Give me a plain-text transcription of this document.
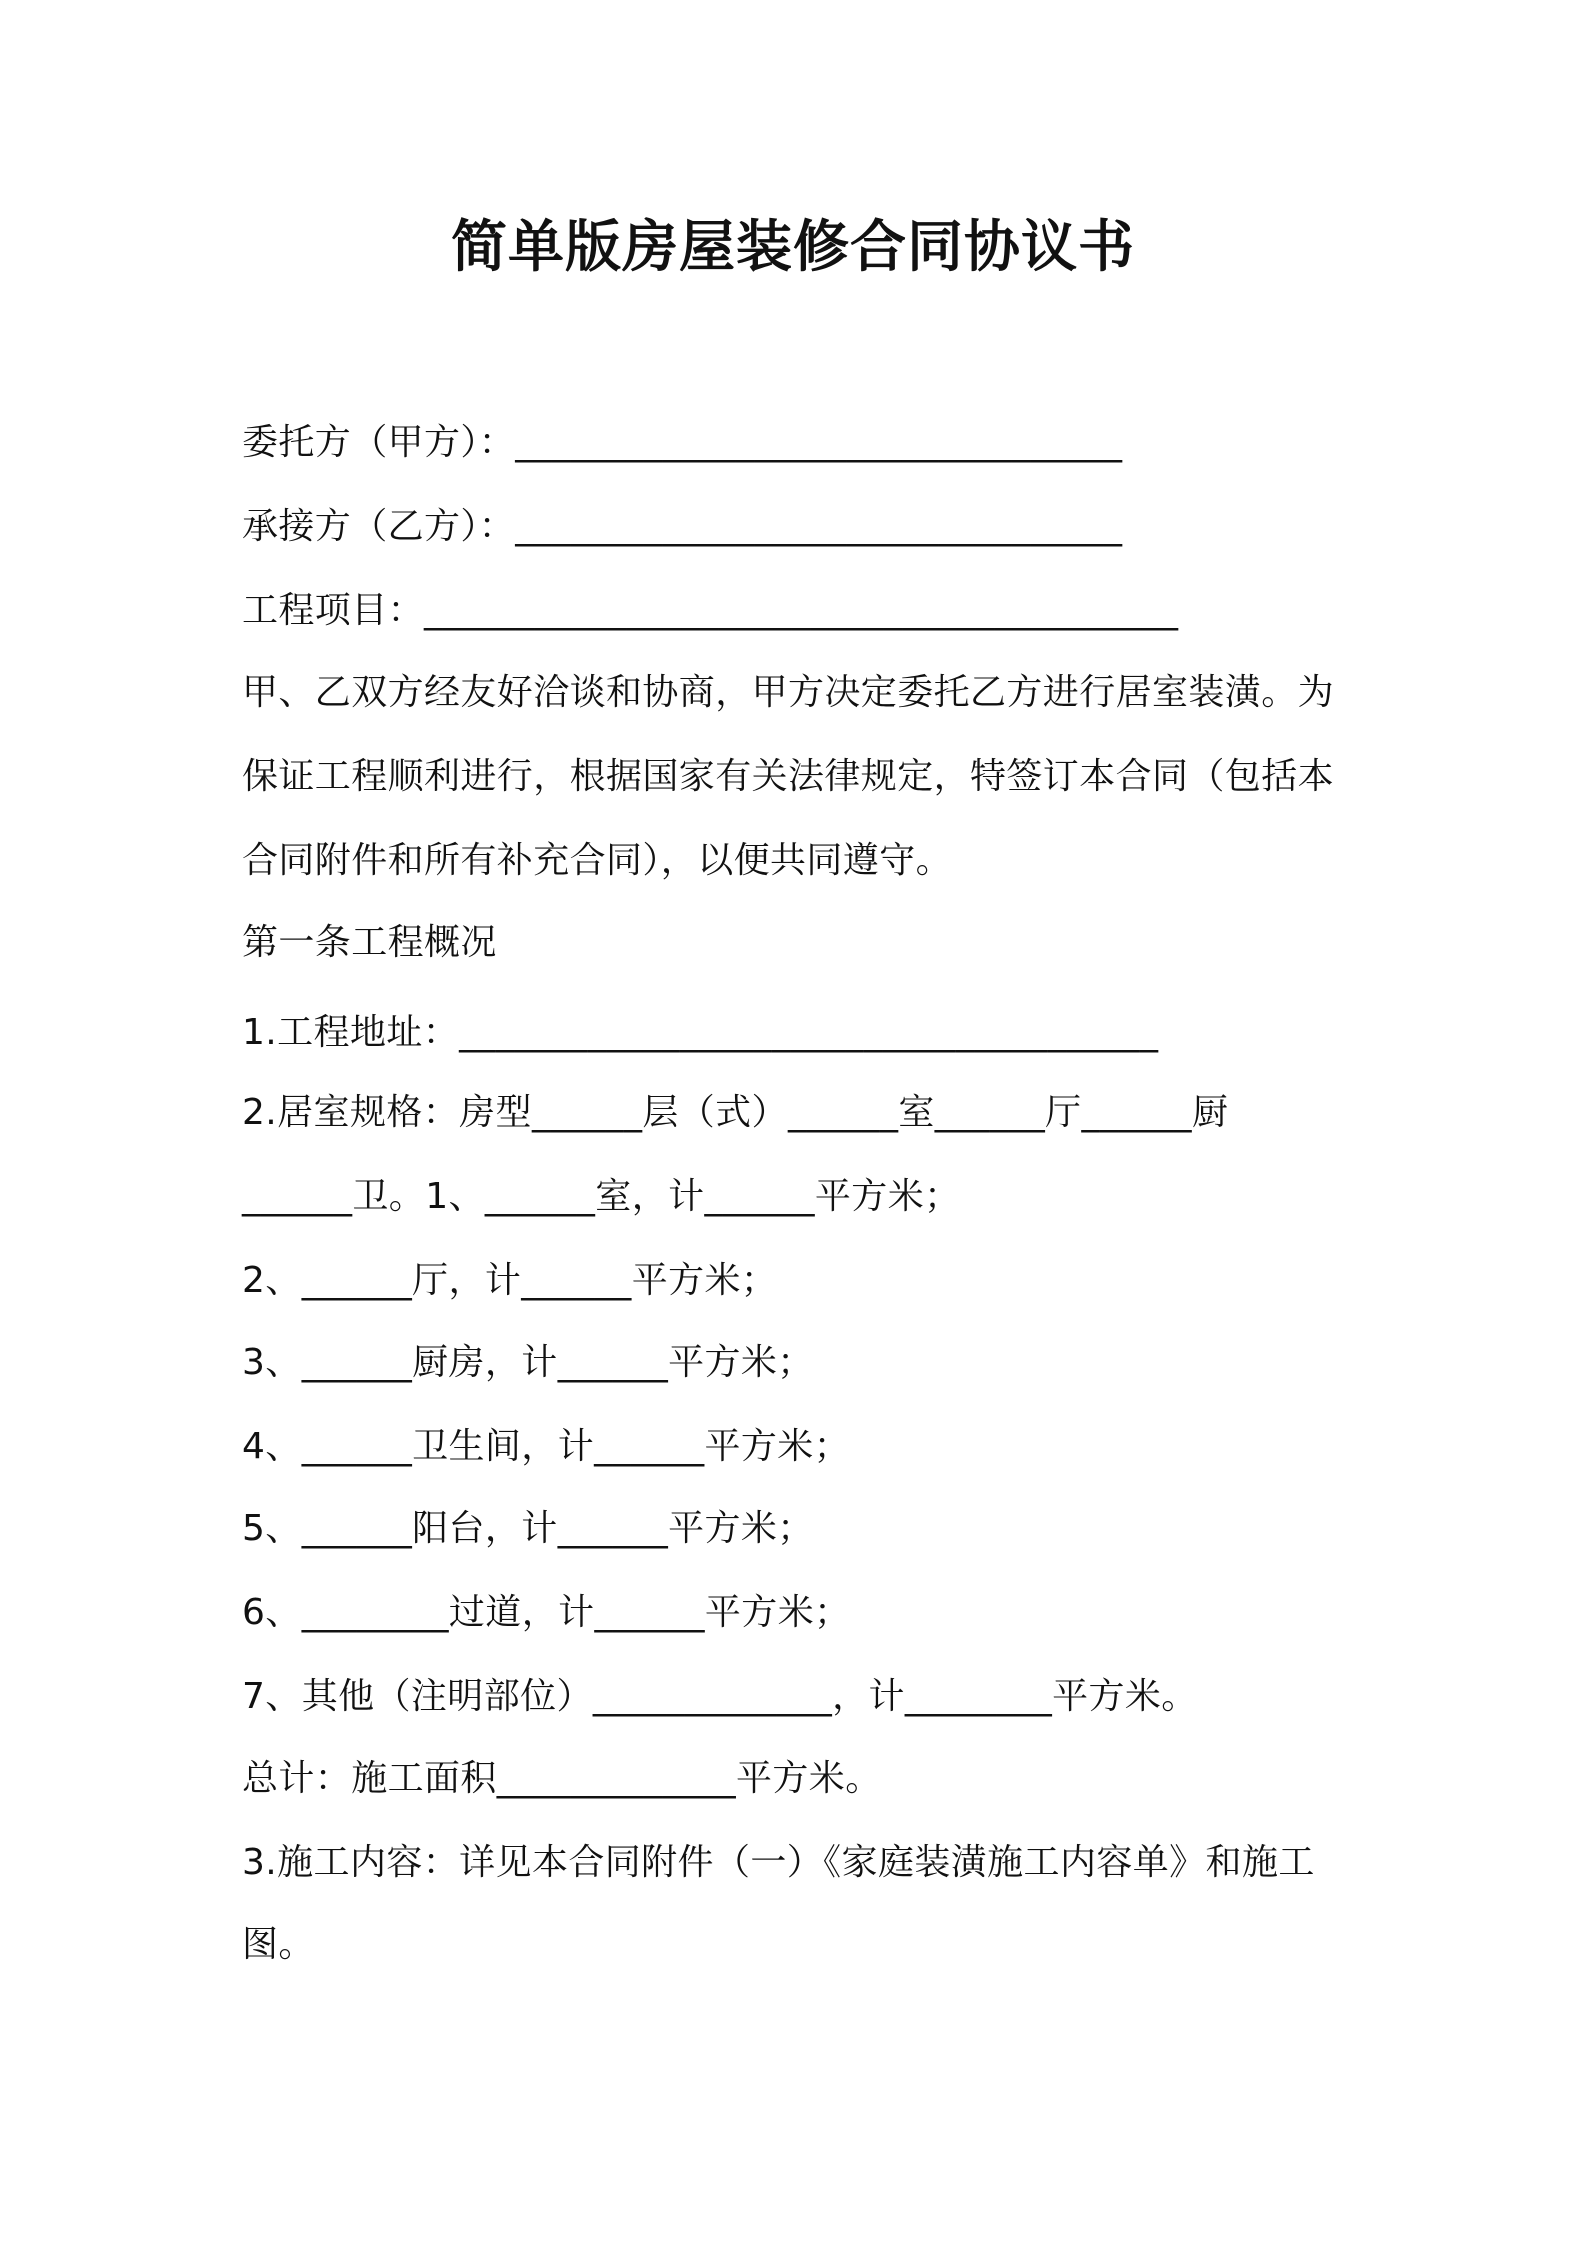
简单版房屋装修合同协议书
委托方（甲方）：_________________________________
承接方（乙方）：_________________________________
工程项目：_________________________________________
甲、乙双方经友好洽谈和协商，甲方决定委托乙方进行居室装潢。为
保证工程顺利进行，根据国家有关法律规定，特签订本合同（包括本
合同附件和所有补充合同），以便共同遵守。
第一条工程概况
1.工程地址：______________________________________
2.居室规格：房型______层（式）______室______厅______厨
______卫。1、______室，计______平方米；
2、______厅，计______平方米；
3、______厨房，计______平方米；
4、______卫生间，计______平方米；
5、______阳台，计______平方米；
6、________过道，计______平方米；
7、其他（注明部位）_____________，计________平方米。
总计：施工面积_____________平方米。
3.施工内容：详见本合同附件（一）《家庭装潢施工内容单》和施工
图。
